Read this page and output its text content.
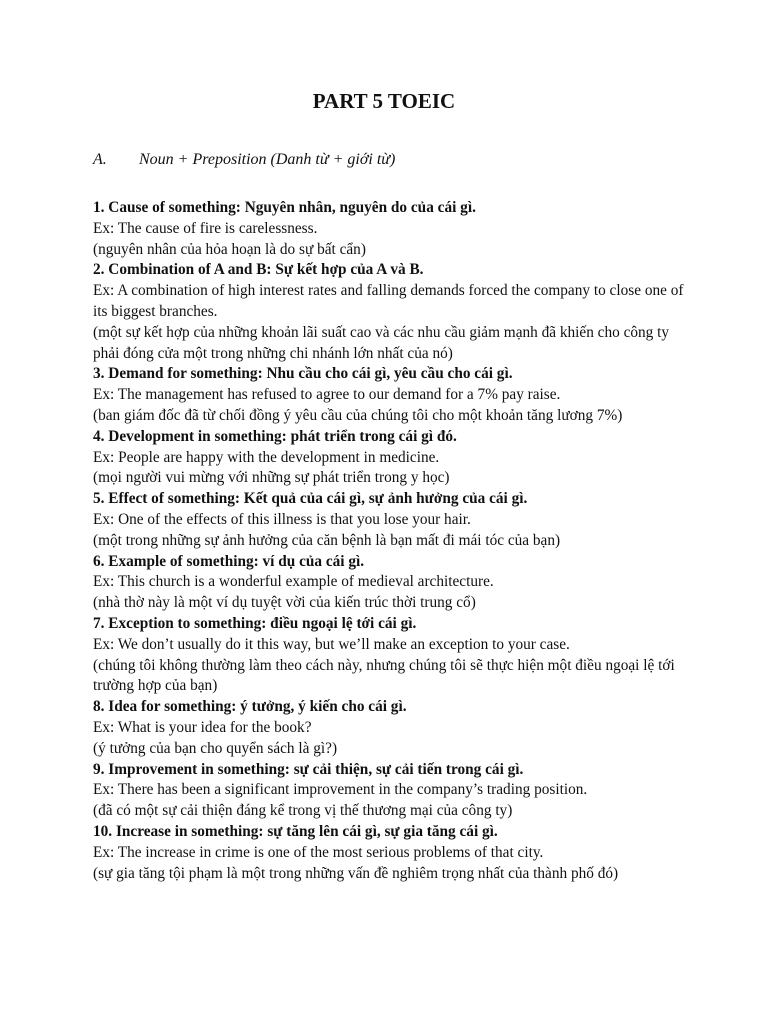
PART 5 TOEIC
A. Noun + Preposition (Danh từ + giới từ)
1. Cause of something: Nguyên nhân, nguyên do của cái gì.
Ex: The cause of fire is carelessness.
(nguyên nhân của hỏa hoạn là do sự bất cẩn)
2. Combination of A and B: Sự kết hợp của A và B.
Ex: A combination of high interest rates and falling demands forced the company to close one of its biggest branches.
(một sự kết hợp của những khoản lãi suất cao và các nhu cầu giảm mạnh đã khiến cho công ty phải đóng cửa một trong những chi nhánh lớn nhất của nó)
3. Demand for something: Nhu cầu cho cái gì, yêu cầu cho cái gì.
Ex: The management has refused to agree to our demand for a 7% pay raise.
(ban giám đốc đã từ chối đồng ý yêu cầu của chúng tôi cho một khoản tăng lương 7%)
4. Development in something: phát triển trong cái gì đó.
Ex: People are happy with the development in medicine.
(mọi người vui mừng với những sự phát triển trong y học)
5. Effect of something: Kết quả của cái gì, sự ảnh hưởng của cái gì.
Ex: One of the effects of this illness is that you lose your hair.
(một trong những sự ảnh hưởng của căn bệnh là bạn mất đi mái tóc của bạn)
6. Example of something: ví dụ của cái gì.
Ex: This church is a wonderful example of medieval architecture.
(nhà thờ này là một ví dụ tuyệt vời của kiến trúc thời trung cổ)
7. Exception to something: điều ngoại lệ tới cái gì.
Ex: We don’t usually do it this way, but we’ll make an exception to your case.
(chúng tôi không thường làm theo cách này, nhưng chúng tôi sẽ thực hiện một điều ngoại lệ tới trường hợp của bạn)
8. Idea for something: ý tưởng, ý kiến cho cái gì.
Ex: What is your idea for the book?
(ý tưởng của bạn cho quyển sách là gì?)
9. Improvement in something: sự cải thiện, sự cải tiến trong cái gì.
Ex: There has been a significant improvement in the company’s trading position.
(đã có một sự cải thiện đáng kể trong vị thế thương mại của công ty)
10. Increase in something: sự tăng lên cái gì, sự gia tăng cái gì.
Ex: The increase in crime is one of the most serious problems of that city.
(sự gia tăng tội phạm là một trong những vấn đề nghiêm trọng nhất của thành phố đó)
